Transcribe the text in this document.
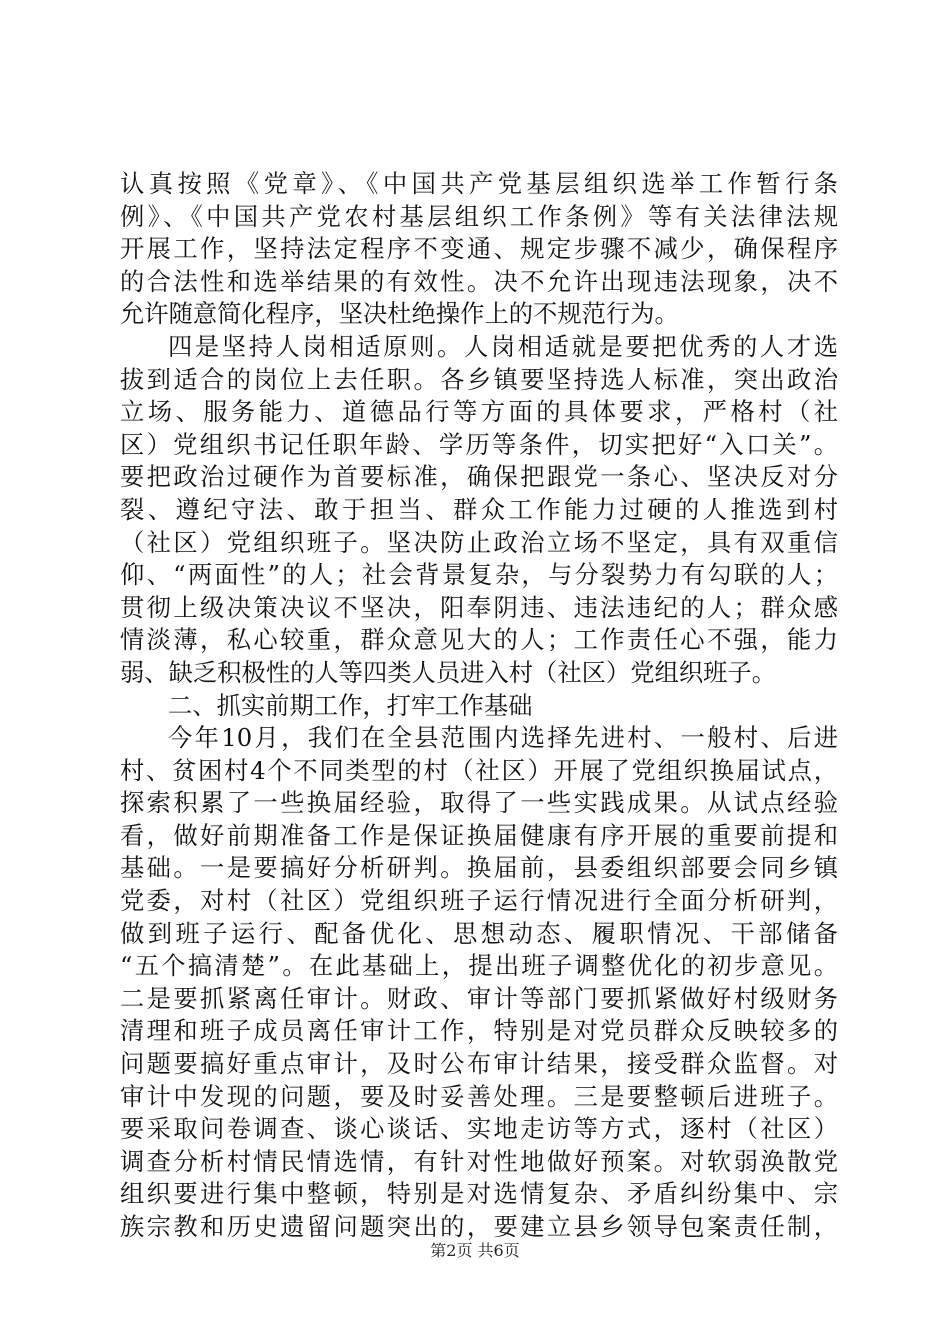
认真按照《党章》、《中国共产党基层组织选举工作暂行条
例》、《中国共产党农村基层组织工作条例》等有关法律法规
开展工作，坚持法定程序不变通、规定步骤不减少，确保程序
的合法性和选举结果的有效性。决不允许出现违法现象，决不
允许随意简化程序，坚决杜绝操作上的不规范行为。
四是坚持人岗相适原则。人岗相适就是要把优秀的人才选
拔到适合的岗位上去任职。各乡镇要坚持选人标准，突出政治
立场、服务能力、道德品行等方面的具体要求，严格村（社
区）党组织书记任职年龄、学历等条件，切实把好“入口关”。
要把政治过硬作为首要标准，确保把跟党一条心、坚决反对分
裂、遵纪守法、敢于担当、群众工作能力过硬的人推选到村
（社区）党组织班子。坚决防止政治立场不坚定，具有双重信
仰、“两面性”的人；社会背景复杂，与分裂势力有勾联的人；
贯彻上级决策决议不坚决，阳奉阴违、违法违纪的人；群众感
情淡薄，私心较重，群众意见大的人；工作责任心不强，能力
弱、缺乏积极性的人等四类人员进入村（社区）党组织班子。
二、抓实前期工作，打牢工作基础
今年10月，我们在全县范围内选择先进村、一般村、后进
村、贫困村4个不同类型的村（社区）开展了党组织换届试点，
探索积累了一些换届经验，取得了一些实践成果。从试点经验
看，做好前期准备工作是保证换届健康有序开展的重要前提和
基础。一是要搞好分析研判。换届前，县委组织部要会同乡镇
党委，对村（社区）党组织班子运行情况进行全面分析研判，
做到班子运行、配备优化、思想动态、履职情况、干部储备
“五个搞清楚”。在此基础上，提出班子调整优化的初步意见。
二是要抓紧离任审计。财政、审计等部门要抓紧做好村级财务
清理和班子成员离任审计工作，特别是对党员群众反映较多的
问题要搞好重点审计，及时公布审计结果，接受群众监督。对
审计中发现的问题，要及时妥善处理。三是要整顿后进班子。
要采取问卷调查、谈心谈话、实地走访等方式，逐村（社区）
调查分析村情民情选情，有针对性地做好预案。对软弱涣散党
组织要进行集中整顿，特别是对选情复杂、矛盾纠纷集中、宗
族宗教和历史遗留问题突出的，要建立县乡领导包案责任制，
第2页 共6页
